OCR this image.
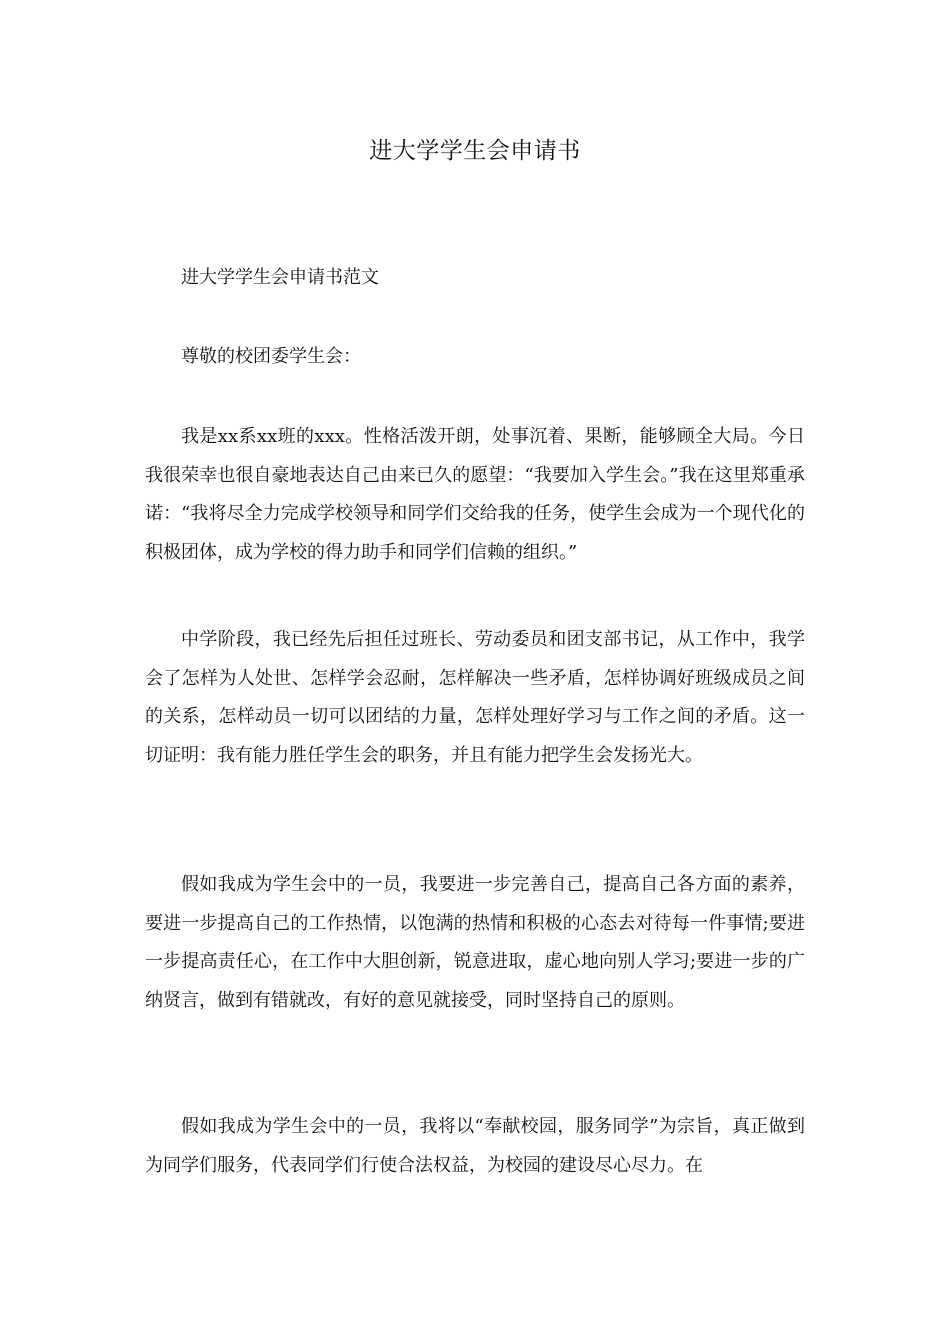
进大学学生会申请书

进大学学生会申请书范文

尊敬的校团委学生会：

我是xx系xx班的xxx。性格活泼开朗，处事沉着、果断，能够顾全大局。今日我很荣幸也很自豪地表达自己由来已久的愿望：“我要加入学生会。”我在这里郑重承诺：“我将尽全力完成学校领导和同学们交给我的任务，使学生会成为一个现代化的积极团体，成为学校的得力助手和同学们信赖的组织。”

中学阶段，我已经先后担任过班长、劳动委员和团支部书记，从工作中，我学会了怎样为人处世、怎样学会忍耐，怎样解决一些矛盾，怎样协调好班级成员之间的关系，怎样动员一切可以团结的力量，怎样处理好学习与工作之间的矛盾。这一切证明：我有能力胜任学生会的职务，并且有能力把学生会发扬光大。

假如我成为学生会中的一员，我要进一步完善自己，提高自己各方面的素养，要进一步提高自己的工作热情，以饱满的热情和积极的心态去对待每一件事情;要进一步提高责任心，在工作中大胆创新，锐意进取，虚心地向别人学习;要进一步的广纳贤言，做到有错就改，有好的意见就接受，同时坚持自己的原则。

假如我成为学生会中的一员，我将以“奉献校园，服务同学”为宗旨，真正做到为同学们服务，代表同学们行使合法权益，为校园的建设尽心尽力。在
